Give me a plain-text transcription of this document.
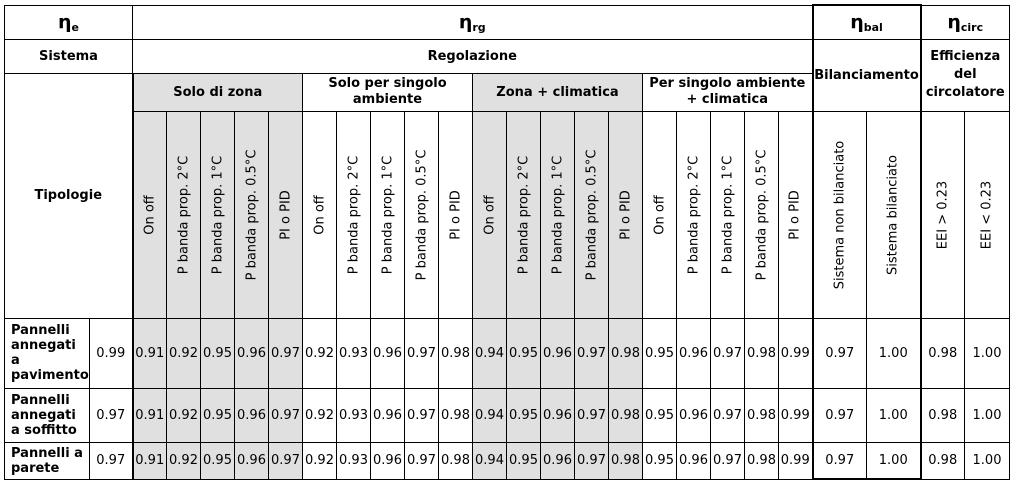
$\eta_e$		$\eta_{rg}$																				$\eta_{bal}$		$\eta_{circ}$
Sistema		Regolazione																				Bilanciamento		Efficienza del circolatore	
Tipologie		Solo di zona					Solo per singolo ambiente					Zona + climatica					Per singolo ambiente + climatica								

		On off	P banda prop. 2°C	P banda prop. 1°C	P banda prop. 0.5°C	PI o PID	On off	P banda prop. 2°C	P banda prop. 1°C	P banda prop. 0.5°C	PI o PID	On off	P banda prop. 2°C	P banda prop. 1°C	P banda prop. 0.5°C	PI o PID	On off	P banda prop. 2°C	P banda prop. 1°C	P banda prop. 0.5°C	PI o PID	Sistema non bilanciato	Sistema bilanciato	EEI > 0.23	EEI < 0.23

Pannelli annegati a pavimento	0.99	0.91	0.92	0.95	0.96	0.97	0.92	0.93	0.96	0.97	0.98	0.94	0.95	0.96	0.97	0.98	0.95	0.96	0.97	0.98	0.99	0.97	1.00	0.98	1.00
Pannelli annegati a soffitto	0.97	0.91	0.92	0.95	0.96	0.97	0.92	0.93	0.96	0.97	0.98	0.94	0.95	0.96	0.97	0.98	0.95	0.96	0.97	0.98	0.99	0.97	1.00	0.98	1.00
Pannelli a parete	0.97	0.91	0.92	0.95	0.96	0.97	0.92	0.93	0.96	0.97	0.98	0.94	0.95	0.96	0.97	0.98	0.95	0.96	0.97	0.98	0.99	0.97	1.00	0.98	1.00
